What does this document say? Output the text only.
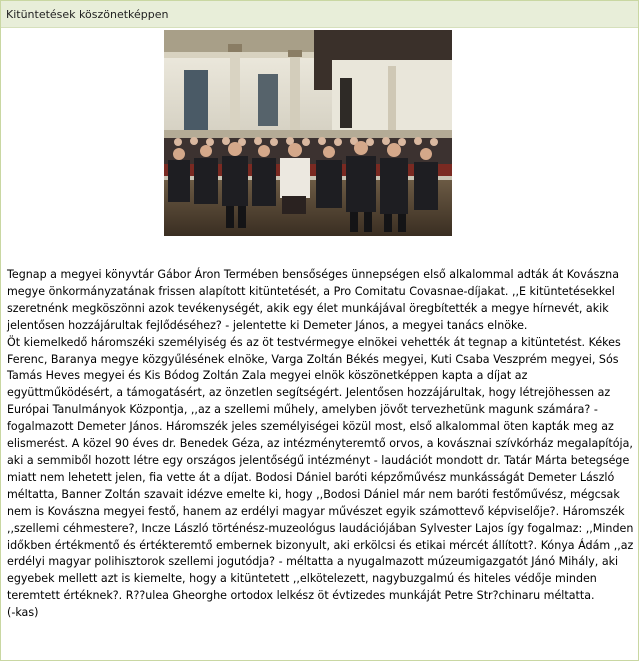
Kitüntetések köszönetképpen

Tegnap a megyei könyvtár Gábor Áron Termében bensőséges ünnepségen első alkalommal adták át Kovászna megye önkormányzatának frissen alapított kitüntetését, a Pro Comitatu Covasnae-díjakat. ,,E kitüntetésekkel szeretnénk megköszönni azok tevékenységét, akik egy élet munkájával öregbítették a megye hírnevét, akik jelentősen hozzájárultak fejlődéséhez? - jelentette ki Demeter János, a megyei tanács elnöke.

Öt kiemelkedő háromszéki személyiség és az öt testvérmegye elnökei vehették át tegnap a kitüntetést. Kékes Ferenc, Baranya megye közgyűlésének elnöke, Varga Zoltán Békés megyei, Kuti Csaba Veszprém megyei, Sós Tamás Heves megyei és Kis Bódog Zoltán Zala megyei elnök köszönetképpen kapta a díjat az együttműködésért, a támogatásért, az önzetlen segítségért. Jelentősen hozzájárultak, hogy létrejöhessen az Európai Tanulmányok Központja, ,,az a szellemi műhely, amelyben jövőt tervezhetünk magunk számára? - fogalmazott Demeter János. Háromszék jeles személyiségei közül most, első alkalommal öten kapták meg az elismerést. A közel 90 éves dr. Benedek Géza, az intézményteremtő orvos, a kovásznai szívkórház megalapítója, aki a semmiből hozott létre egy országos jelentőségű intézményt - laudációt mondott dr. Tatár Márta betegsége miatt nem lehetett jelen, fia vette át a díjat. Bodosi Dániel baróti képzőművész munkásságát Demeter László méltatta, Banner Zoltán szavait idézve emelte ki, hogy ,,Bodosi Dániel már nem baróti festőművész, mégcsak nem is Kovászna megyei festő, hanem az erdélyi magyar művészet egyik számottevő képviselője?. Háromszék ,,szellemi céhmestere?, Incze László történész-muzeológus laudációjában Sylvester Lajos így fogalmaz: ,,Minden időkben értékmentő és értékteremtő embernek bizonyult, aki erkölcsi és etikai mércét állított?. Kónya Ádám ,,az erdélyi magyar polihisztorok szellemi jogutódja? - méltatta a nyugalmazott múzeumigazgatót Jánó Mihály, aki egyebek mellett azt is kiemelte, hogy a kitüntetett ,,elkötelezett, nagybuzgalmú és hiteles védője minden teremtett értéknek?. R??ulea Gheorghe ortodox lelkész öt évtizedes munkáját Petre Str?chinaru méltatta.

(-kas)
